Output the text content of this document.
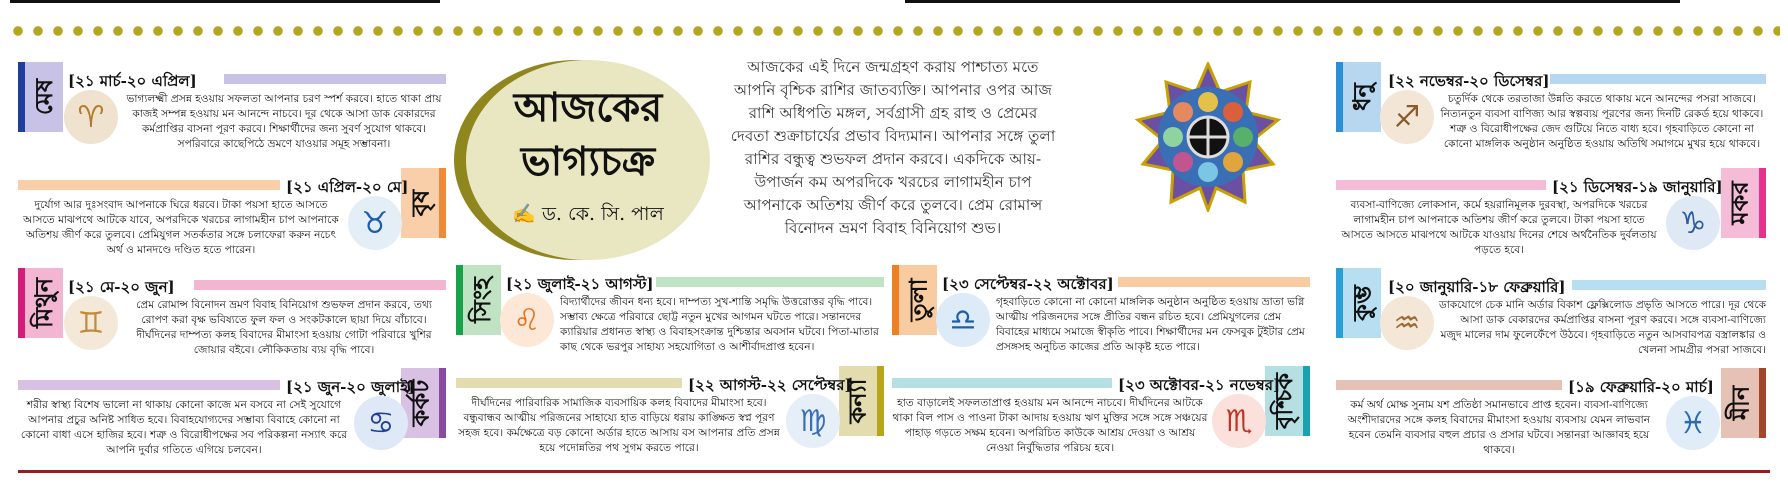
মেষ [২১ মার্চ-২০ এপ্রিল]
♈
ভাগ্যলক্ষ্মী প্রসন্ন হওয়ায় সফলতা আপনার চরণ স্পর্শ করবে। হাতে থাকা প্রায় কাজই সম্পন্ন হওয়ায় মন আনন্দে নাচবে। দূর থেকে আসা ডাক বেকারদের কর্মপ্রাপ্তির বাসনা পূরণ করবে। শিক্ষার্থীদের জন্য সুবর্ণ সুযোগ থাকবে। সপরিবারে কাছেপিঠে ভ্রমণে যাওয়ার সমূহ সম্ভাবনা।
বৃষ
[২১ এপ্রিল-২০ মে]
♉
দুর্যোগ আর দুঃসংবাদ আপনাকে ঘিরে ধরবে। টাকা পয়সা হাতে আসতে আসতে মাঝপথে আটকে যাবে, অপরদিকে খরচের লাগামহীন চাপ আপনাকে অতিশয় জীর্ণ করে তুলবে। প্রেমিযুগল সতর্কতার সঙ্গে চলাফেরা করুন নচেৎ অর্থ ও মানদণ্ডে দণ্ডিত হতে পারেন।
মিথুন [২১ মে-২০ জুন]
♊
প্রেম রোমান্স বিনোদন ভ্রমণ বিবাহ বিনিয়োগ শুভফল প্রদান করবে, তথ্য রোপণ করা বৃক্ষ ভবিষ্যতে ফুল ফল ও সংকটকালে ছায়া দিয়ে বাঁচাবে। দীর্ঘদিনের দাম্পত্য কলহ বিবাদের মীমাংসা হওয়ায় গোটা পরিবারে খুশির জোয়ার বইবে। লৌকিকতায় ব্যয় বৃদ্ধি পাবে।
কর্কট
[২১ জুন-২০ জুলাই]
♋
শরীর স্বাস্থ্য বিশেষ ভালো না থাকায় কোনো কাজে মন বসবে না সেই সুযোগে আপনার প্রচুর অনিষ্ট সাধিত হবে। বিবাহযোগ্যদের সম্ভাব্য বিবাহে কোনো না কোনো বাধা এসে হাজির হবে। শত্রু ও বিরোধীপক্ষের সব পরিকল্পনা নস্যাৎ করে আপনি দুর্বার গতিতে এগিয়ে চলবেন।
আজকের
ভাগ্যচক্র
✍ ড. কে. সি. পাল
আজকের এই দিনে জন্মগ্রহণ করায় পাশ্চাত্য মতে আপনি বৃশ্চিক রাশির জাতব্যক্তি। আপনার ওপর আজ রাশি অধিপতি মঙ্গল, সর্বগ্রাসী গ্রহ রাহু ও প্রেমের দেবতা শুক্রাচার্যের প্রভাব বিদ্যমান। আপনার সঙ্গে তুলা রাশির বন্ধুত্ব শুভফল প্রদান করবে। একদিকে আয়-উপার্জন কম অপরদিকে খরচের লাগামহীন চাপ আপনাকে অতিশয় জীর্ণ করে তুলবে। প্রেম রোমান্স বিনোদন ভ্রমণ বিবাহ বিনিয়োগ শুভ।
সিংহ [২১ জুলাই-২১ আগস্ট]
♌
বিদ্যার্থীদের জীবন ধন্য হবে। দাম্পত্য সুখ-শান্তি সমৃদ্ধি উত্তরোত্তর বৃদ্ধি পাবে। সম্ভাব্য ক্ষেত্রে পরিবারে ছোট্ট নতুন মুখের আগমন ঘটতে পারে। সন্তানদের ক্যারিয়ার প্রধানত স্বাস্থ্য ও বিবাহসংক্রান্ত দুশ্চিন্তার অবসান ঘটবে। পিতা-মাতার কাছ থেকে ভরপুর সাহায্য সহযোগিতা ও আশীর্বাদপ্রাপ্ত হবেন।
কন্যা
[২২ আগস্ট-২২ সেপ্টেম্বর]
♍
দীর্ঘদিনের পারিবারিক সামাজিক ব্যবসায়িক কলহ বিবাদের মীমাংসা হবে। বন্ধুবান্ধব আত্মীয় পরিজনের সাহায্যে হাত বাড়িয়ে ধরায় কাঙ্ক্ষিত স্বপ্ন পূরণ সহজ হবে। কর্মক্ষেত্রে বড় কোনো অর্ডার হাতে আসায় বস আপনার প্রতি প্রসন্ন হয়ে পদোন্নতির পথ সুগম করতে পারে।
তুলা [২৩ সেপ্টেম্বর-২২ অক্টোবর]
♎
গৃহবাড়িতে কোনো না কোনো মাঙ্গলিক অনুষ্ঠান অনুষ্ঠিত হওয়ায় ভ্রাতা ভগ্নি আত্মীয় পরিজনদের সঙ্গে প্রীতির বন্ধন রচিত হবে। প্রেমিযুগলের প্রেম বিবাহের মাধ্যমে সমাজে স্বীকৃতি পাবে। শিক্ষার্থীদের মন ফেসবুক টুইটার প্রেম প্রসঙ্গসহ অনুচিত কাজের প্রতি আকৃষ্ট হতে পারে।
বৃশ্চিক
[২৩ অক্টোবর-২১ নভেম্বর]
♏
হাত বাড়ালেই সফলতাপ্রাপ্ত হওয়ায় মন আনন্দে নাচবে। দীর্ঘদিনের আটকে থাকা বিল পাস ও পাওনা টাকা আদায় হওয়ায় ঋণ মুক্তির সঙ্গে সঙ্গে সঞ্চয়ের পাহাড় গড়তে সক্ষম হবেন। অপরিচিত কাউকে আশ্রয় দেওয়া ও আশ্রয় নেওয়া নির্বুদ্ধিতার পরিচয় হবে।
ধনু
[২২ নভেম্বর-২০ ডিসেম্বর]
♐
চতুর্দিক থেকে তরতাজা উন্নতি করতে থাকায় মনে আনন্দের পসরা সাজবে। নিত্যনতুন ব্যবসা বাণিজ্য আর স্বল্পব্যয় পূরণের জন্য দিনটি রেকর্ড হয়ে থাকবে। শত্রু ও বিরোধীপক্ষের জেদ গুটিয়ে নিতে বাধ্য হবে। গৃহবাড়িতে কোনো না কোনো মাঙ্গলিক অনুষ্ঠান অনুষ্ঠিত হওয়ায় অতিথি সমাগমে মুখর হয়ে থাকবে।
মকর
[২১ ডিসেম্বর-১৯ জানুয়ারি]
♑
ব্যবসা-বাণিজ্যে লোকসান, কর্মে হয়রানিমূলক দুরবস্থা, অপরদিকে খরচের লাগামহীন চাপ আপনাকে অতিশয় জীর্ণ করে তুলবে। টাকা পয়সা হাতে আসতে আসতে মাঝপথে আটকে যাওয়ায় দিনের শেষে অর্থনৈতিক দুর্বলতায় পড়তে হবে।
কুম্ভ [২০ জানুয়ারি-১৮ ফেব্রুয়ারি]
♒
ডাকযোগে চেক মানি অর্ডার বিকাশ ফ্লেক্সিলোড প্রভৃতি আসতে পারে। দূর থেকে আসা ডাক বেকারদের কর্মপ্রাপ্তির বাসনা পূরণ করবে। সঙ্গে ব্যবসা-বাণিজ্যে মজুদ মালের দাম ফুলেফেঁপে উঠবে। গৃহবাড়িতে নতুন আসবাবপত্র বস্ত্রালঙ্কার ও খেলনা সামগ্রীর পসরা সাজবে।
মীন
[১৯ ফেব্রুয়ারি-২০ মার্চ]
♓
কর্ম অর্থ মোক্ষ সুনাম যশ প্রতিষ্ঠা সমানভাবে প্রাপ্ত হবেন। ব্যবসা-বাণিজ্যে অংশীদারদের সঙ্গে কলহ বিবাদের মীমাংসা হওয়ায় ব্যবসায় যেমন লাভবান হবেন তেমনি ব্যবসার বহুল প্রচার ও প্রসার ঘটবে। সন্তানরা আজ্ঞাবহ হয়ে থাকবে।
